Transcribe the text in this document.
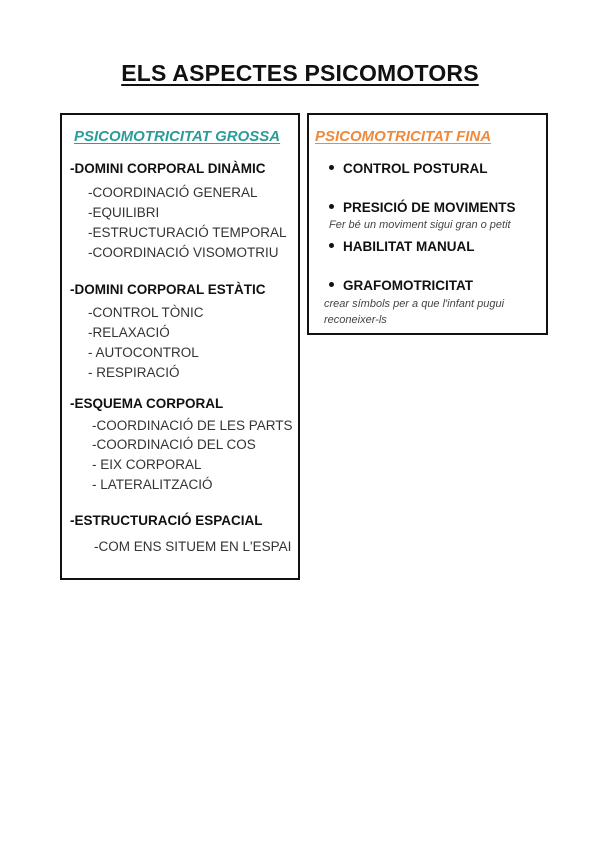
ELS ASPECTES PSICOMOTORS
PSICOMOTRICITAT GROSSA
-DOMINI CORPORAL DINÀMIC
-COORDINACIÓ GENERAL
-EQUILIBRI
-ESTRUCTURACIÓ TEMPORAL
-COORDINACIÓ VISOMOTRIU
-DOMINI CORPORAL ESTÀTIC
-CONTROL TÒNIC
-RELAXACIÓ
- AUTOCONTROL
- RESPIRACIÓ
-ESQUEMA CORPORAL
-COORDINACIÓ DE LES PARTS
-COORDINACIÓ DEL COS
- EIX CORPORAL
- LATERALITZACIÓ
-ESTRUCTURACIÓ ESPACIAL
-COM ENS SITUEM EN L'ESPAI
PSICOMOTRICITAT FINA
CONTROL POSTURAL
PRESICIÓ DE MOVIMENTS
Fer bé un moviment sigui gran o petit
HABILITAT MANUAL
GRAFOMOTRICITAT
crear símbols per a que l'infant pugui reconeixer-ls
